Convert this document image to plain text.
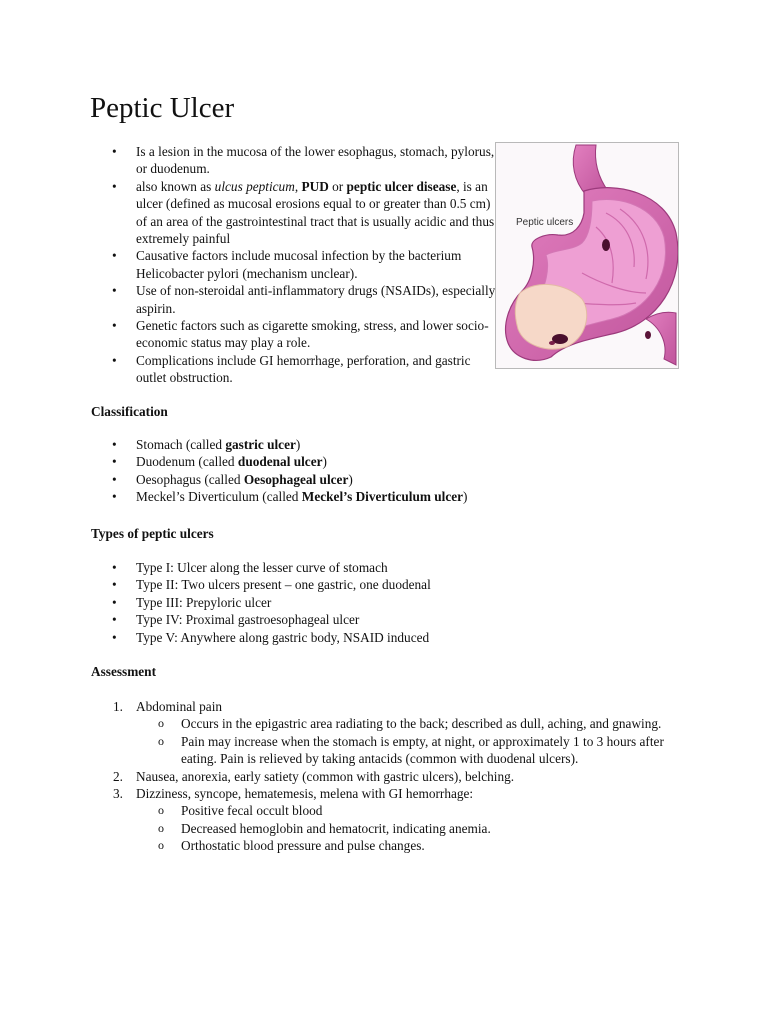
Peptic Ulcer
• Is a lesion in the mucosa of the lower esophagus, stomach, pylorus, or duodenum.
• also known as ulcus pepticum, PUD or peptic ulcer disease, is an ulcer (defined as mucosal erosions equal to or greater than 0.5 cm) of an area of the gastrointestinal tract that is usually acidic and thus extremely painful
• Causative factors include mucosal infection by the bacterium Helicobacter pylori (mechanism unclear).
• Use of non-steroidal anti-inflammatory drugs (NSAIDs), especially aspirin.
• Genetic factors such as cigarette smoking, stress, and lower socio-economic status may play a role.
• Complications include GI hemorrhage, perforation, and gastric outlet obstruction.
Peptic ulcers
Classification
• Stomach (called gastric ulcer)
• Duodenum (called duodenal ulcer)
• Oesophagus (called Oesophageal ulcer)
• Meckel’s Diverticulum (called Meckel’s Diverticulum ulcer)
Types of peptic ulcers
• Type I: Ulcer along the lesser curve of stomach
• Type II: Two ulcers present – one gastric, one duodenal
• Type III: Prepyloric ulcer
• Type IV: Proximal gastroesophageal ulcer
• Type V: Anywhere along gastric body, NSAID induced
Assessment
1. Abdominal pain
o Occurs in the epigastric area radiating to the back; described as dull, aching, and gnawing.
o Pain may increase when the stomach is empty, at night, or approximately 1 to 3 hours after eating. Pain is relieved by taking antacids (common with duodenal ulcers).
2. Nausea, anorexia, early satiety (common with gastric ulcers), belching.
3. Dizziness, syncope, hematemesis, melena with GI hemorrhage:
o Positive fecal occult blood
o Decreased hemoglobin and hematocrit, indicating anemia.
o Orthostatic blood pressure and pulse changes.
